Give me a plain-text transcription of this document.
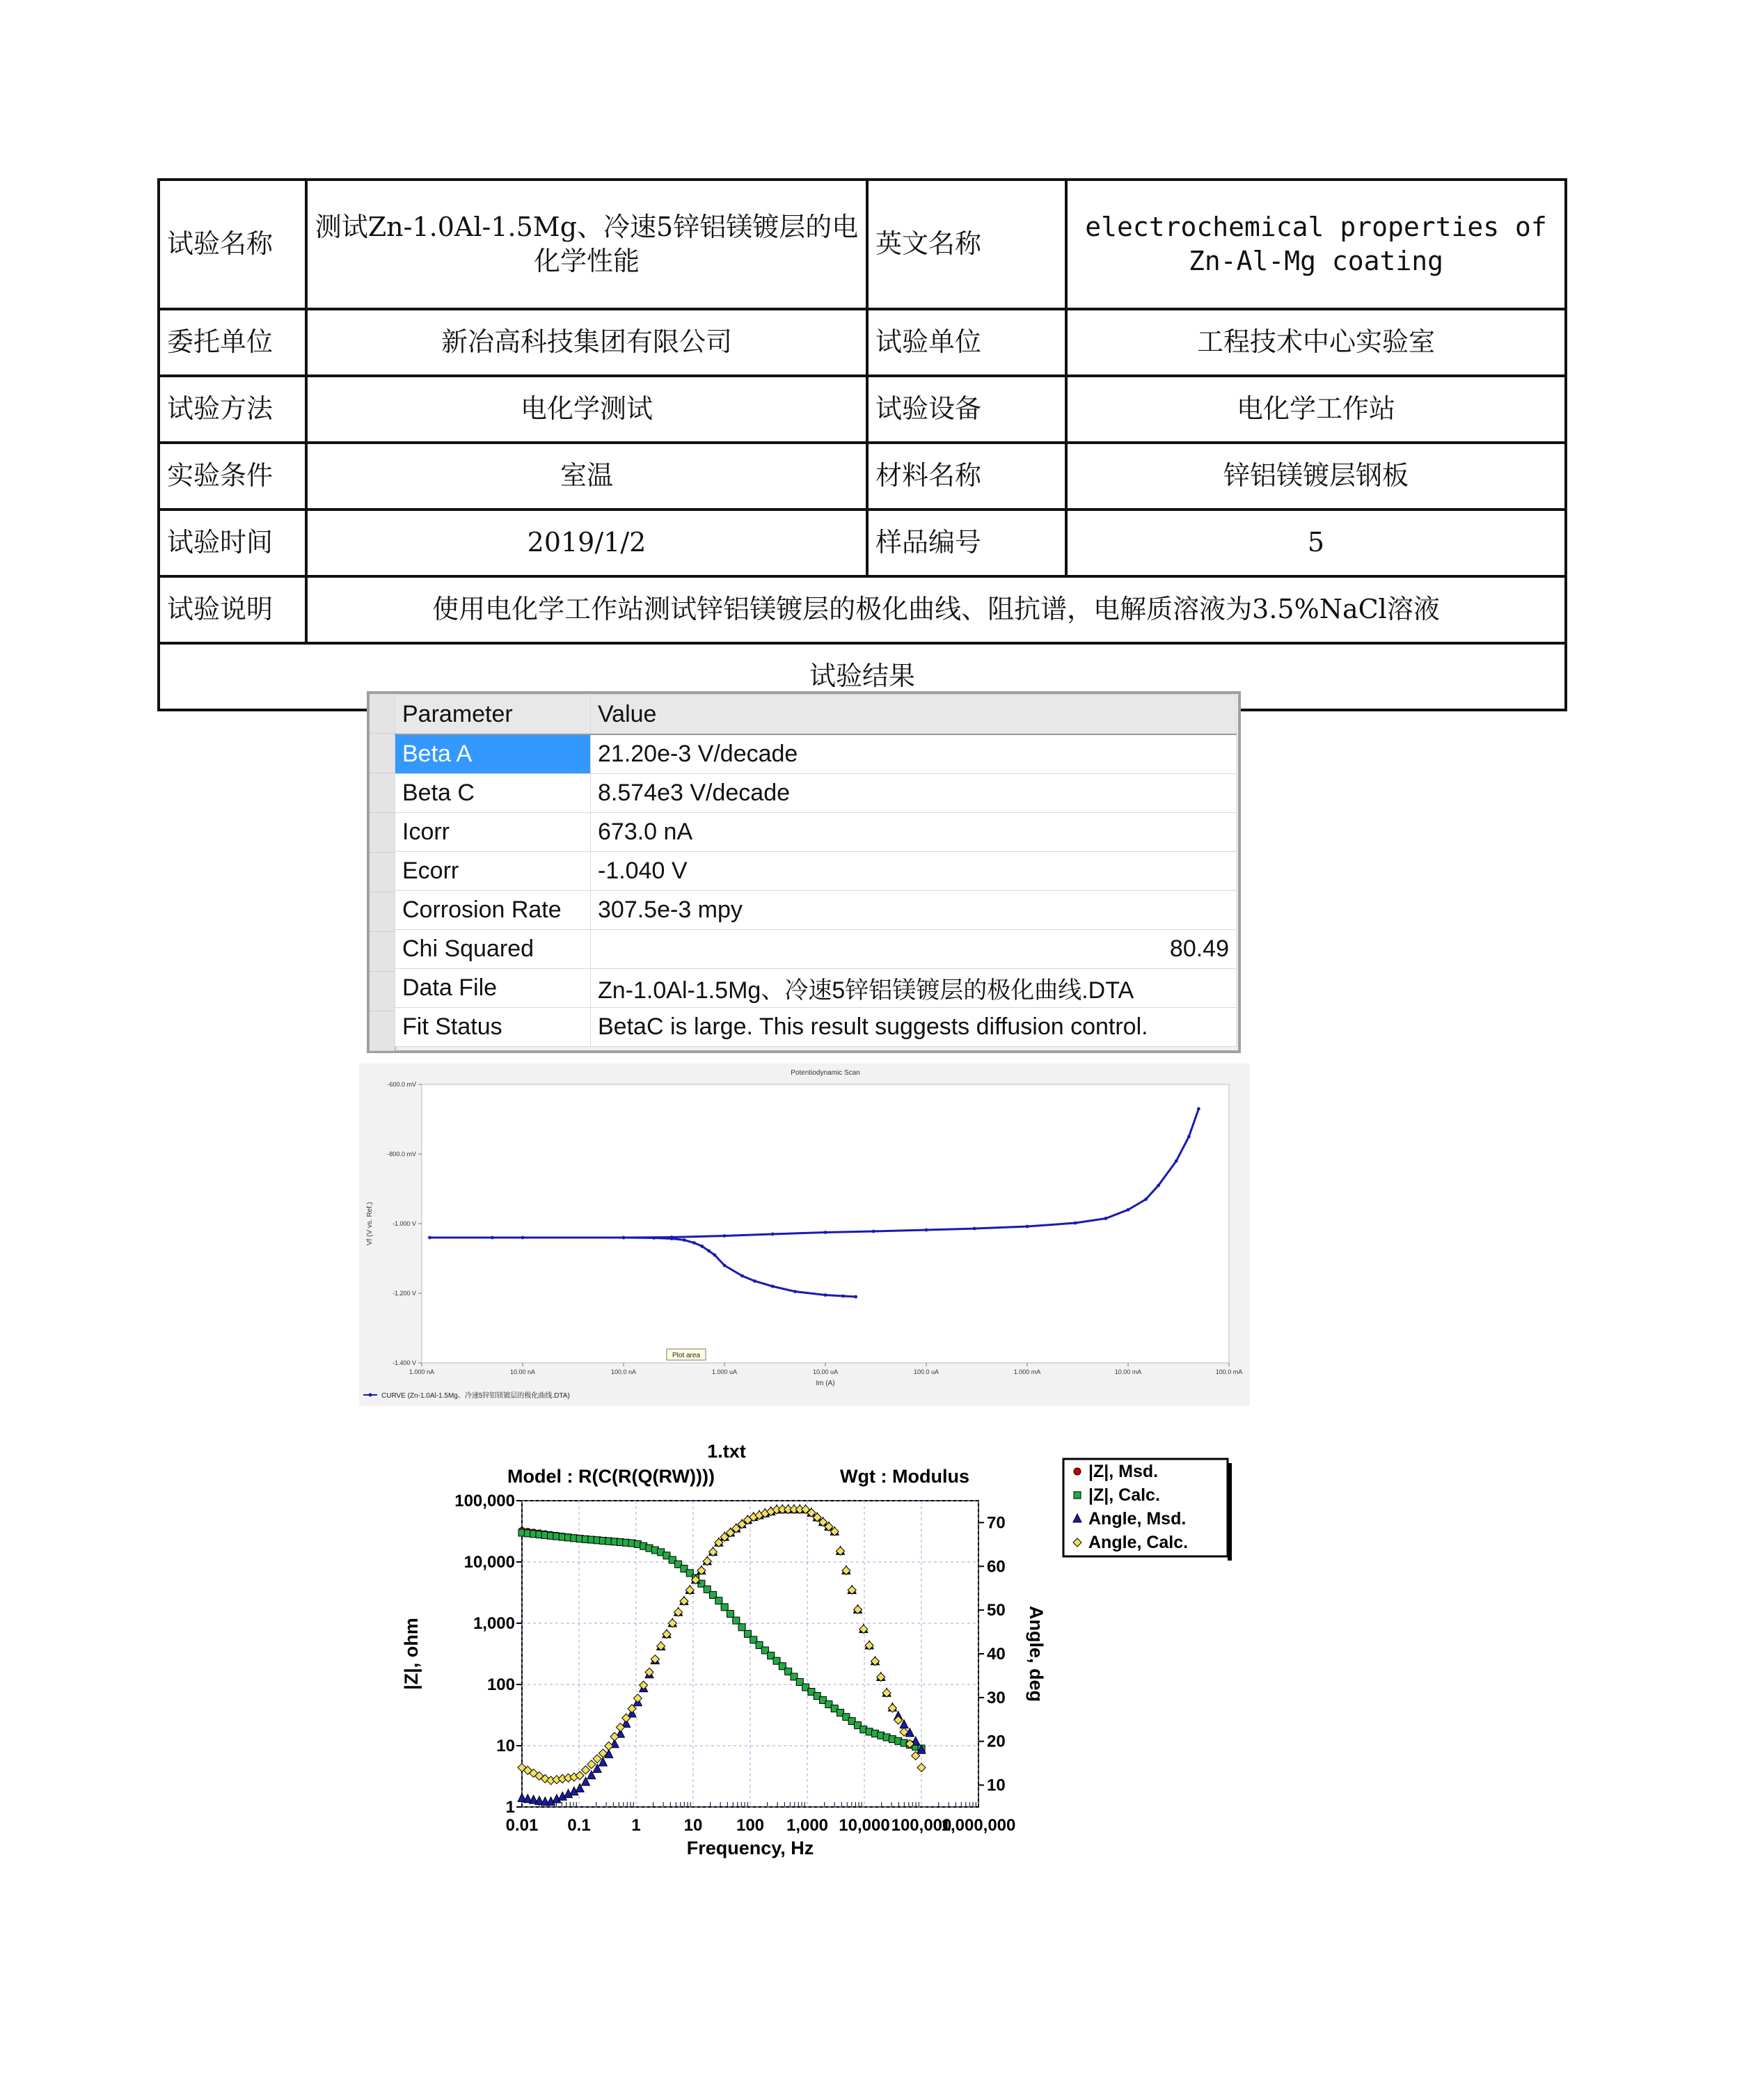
试验名称	测试Zn-1.0Al-1.5Mg、冷速5锌铝镁镀层的电化学性能	英文名称	electrochemical properties of Zn-Al-Mg coating
委托单位	新冶高科技集团有限公司	试验单位	工程技术中心实验室
试验方法	电化学测试	试验设备	电化学工作站
实验条件	室温	材料名称	锌铝镁镀层钢板
试验时间	2019/1/2	样品编号	5
试验说明	使用电化学工作站测试锌铝镁镀层的极化曲线、阻抗谱，电解质溶液为3.5%NaCl溶液		
试验结果			
Parameter	Value
Beta A	21.20e-3 V/decade
Beta C	8.574e3 V/decade
Icorr	673.0 nA
Ecorr	-1.040 V
Corrosion Rate	307.5e-3 mpy
Chi Squared	80.49
Data File	Zn-1.0Al-1.5Mg、冷速5锌铝镁镀层的极化曲线.DTA
Fit Status	BetaC is large. This result suggests diffusion control.
Potentiodynamic Scan
1.000 nA	10.00 nA	100.0 nA	1.000 uA	10.00 uA	100.0 uA	1.000 mA	10.00 mA	100.0 mA
-600.0 mV
-800.0 mV
-1.000 V
-1.200 V
-1.400 V
Im (A)
Vf (V vs. Ref.)
Plot area
CURVE (Zn-1.0Al-1.5Mg、冷速5锌铝镁镀层的极化曲线.DTA)
1.txt
Model : R(C(R(Q(RW))))	Wgt : Modulus
0.01 0.1 1	10 100 1,000 10,000 100,000
1,000,000
1
10
100
1,000
10,000
100,000
10
20
30
40
50
60
70
Frequency, Hz
|Z|, ohm	Angle, deg
|Z|, Msd.
|Z|, Calc.
Angle, Msd.
Angle, Calc.
